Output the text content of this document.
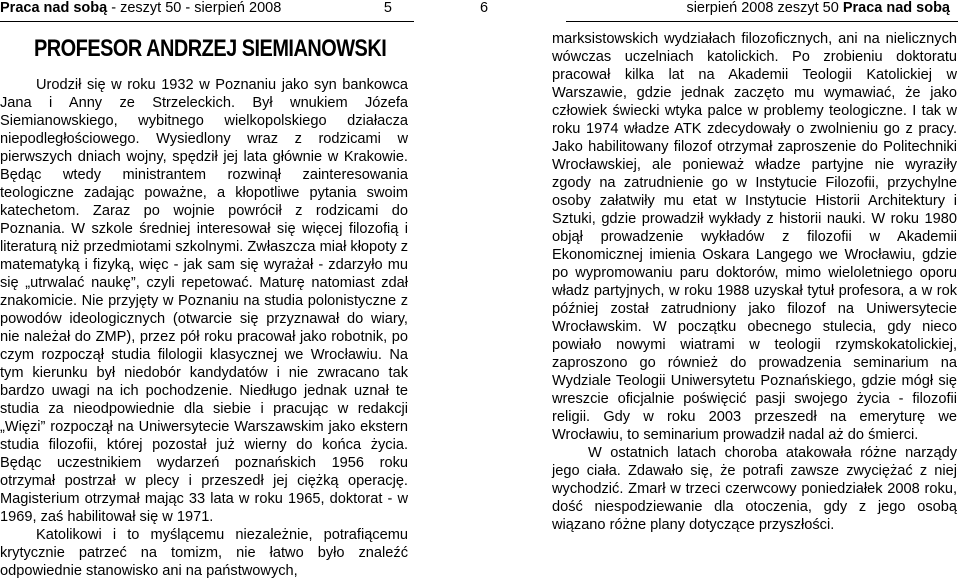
Praca nad sobą - zeszyt 50 - sierpień 2008	5
PROFESOR ANDRZEJ SIEMIANOWSKI

Urodził się w roku 1932 w Poznaniu jako syn bankowca Jana i Anny ze Strzeleckich. Był wnukiem Józefa Siemianowskiego, wybitnego wielkopolskiego działacza niepodległościowego. Wysiedlony wraz z rodzicami w pierwszych dniach wojny, spędził jej lata głównie w Krakowie. Będąc wtedy ministrantem rozwinął zainteresowania teologiczne zadając poważne, a kłopotliwe pytania swoim katechetom. Zaraz po wojnie powrócił z rodzicami do Poznania. W szkole średniej interesował się więcej filozofią i literaturą niż przedmiotami szkolnymi. Zwłaszcza miał kłopoty z matematyką i fizyką, więc - jak sam się wyrażał - zdarzyło mu się „utrwalać naukę”, czyli repetować. Maturę natomiast zdał znakomicie. Nie przyjęty w Poznaniu na studia polonistyczne z powodów ideologicznych (otwarcie się przyznawał do wiary, nie należał do ZMP), przez pół roku pracował jako robotnik, po czym rozpoczął studia filologii klasycznej we Wrocławiu. Na tym kierunku był niedobór kandydatów i nie zwracano tak bardzo uwagi na ich pochodzenie. Niedługo jednak uznał te studia za nieodpowiednie dla siebie i pracując w redakcji „Więzi” rozpoczął na Uniwersytecie Warszawskim jako ekstern studia filozofii, której pozostał już wierny do końca życia. Będąc uczestnikiem wydarzeń poznańskich 1956 roku otrzymał postrzał w plecy i przeszedł jej ciężką operację. Magisterium otrzymał mając 33 lata w roku 1965, doktorat - w 1969, zaś habilitował się w 1971.

Katolikowi i to myślącemu niezależnie, potrafiącemu krytycznie patrzeć na tomizm, nie łatwo było znaleźć odpowiednie stanowisko ani na państwowych,

6	sierpień 2008 zeszyt 50 Praca nad sobą

marksistowskich wydziałach filozoficznych, ani na nielicznych wówczas uczelniach katolickich. Po zrobieniu doktoratu pracował kilka lat na Akademii Teologii Katolickiej w Warszawie, gdzie jednak zaczęto mu wymawiać, że jako człowiek świecki wtyka palce w problemy teologiczne. I tak w roku 1974 władze ATK zdecydowały o zwolnieniu go z pracy. Jako habilitowany filozof otrzymał zaproszenie do Politechniki Wrocławskiej, ale ponieważ władze partyjne nie wyraziły zgody na zatrudnienie go w Instytucie Filozofii, przychylne osoby załatwiły mu etat w Instytucie Historii Architektury i Sztuki, gdzie prowadził wykłady z historii nauki. W roku 1980 objął prowadzenie wykładów z filozofii w Akademii Ekonomicznej imienia Oskara Langego we Wrocławiu, gdzie po wypromowaniu paru doktorów, mimo wieloletniego oporu władz partyjnych, w roku 1988 uzyskał tytuł profesora, a w rok później został zatrudniony jako filozof na Uniwersytecie Wrocławskim. W początku obecnego stulecia, gdy nieco powiało nowymi wiatrami w teologii rzymskokatolickiej, zaproszono go również do prowadzenia seminarium na Wydziale Teologii Uniwersytetu Poznańskiego, gdzie mógł się wreszcie oficjalnie poświęcić pasji swojego życia - filozofii religii. Gdy w roku 2003 przeszedł na emeryturę we Wrocławiu, to seminarium prowadził nadal aż do śmierci.

W ostatnich latach choroba atakowała różne narządy jego ciała. Zdawało się, że potrafi zawsze zwyciężać z niej wychodzić. Zmarł w trzeci czerwcowy poniedziałek 2008 roku, dość niespodziewanie dla otoczenia, gdy z jego osobą wiązano różne plany dotyczące przyszłości.
